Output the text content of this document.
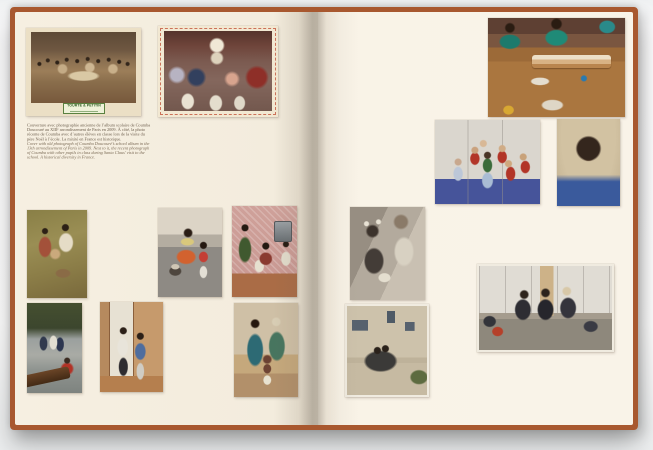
TOURTE & PETITIN

Couverture avec photographie ancienne de l’album scolaire de Coumba Doucouré au XIIIᵉ arrondissement de Paris en 2009. À côté, la photo récente de Coumba avec d’autres élèves en classe lors de la visite du père Noël à l’école. La mixité en France est historique.

Cover with old photograph of Coumba Doucouré’s school album in the 13th arrondissement of Paris in 2009. Next to it, the recent photograph of Coumba with other pupils in class during Santa Claus’ visit to the school. A historical diversity in France.
